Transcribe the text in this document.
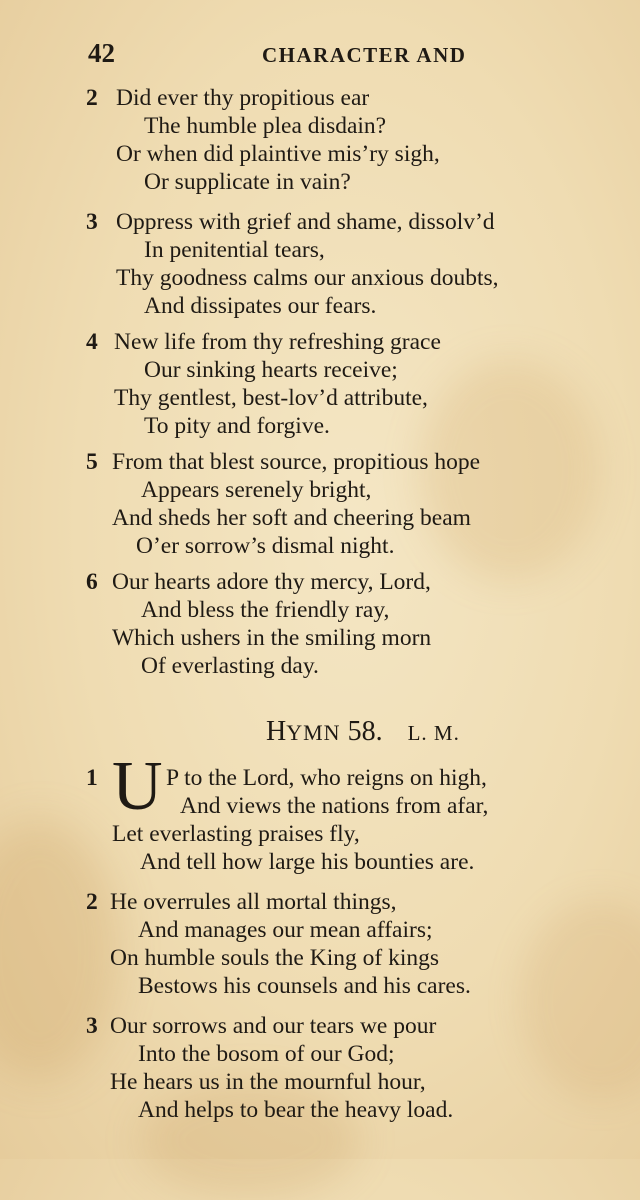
42	CHARACTER AND
2 Did ever thy propitious ear
The humble plea disdain?
Or when did plaintive mis’ry sigh,
Or supplicate in vain?
3 Oppress with grief and shame, dissolv’d
In penitential tears,
Thy goodness calms our anxious doubts,
And dissipates our fears.
4 New life from thy refreshing grace
Our sinking hearts receive;
Thy gentlest, best-lov’d attribute,
To pity and forgive.
5 From that blest source, propitious hope
Appears serenely bright,
And sheds her soft and cheering beam
O’er sorrow’s dismal night.
6 Our hearts adore thy mercy, Lord,
And bless the friendly ray,
Which ushers in the smiling morn
Of everlasting day.
HYMN 58. L. M.
1	P to the Lord, who reigns on high,
And views the nations from afar,
Let everlasting praises fly,
And tell how large his bounties are.
U
2 He overrules all mortal things,
And manages our mean affairs;
On humble souls the King of kings
Bestows his counsels and his cares.
3 Our sorrows and our tears we pour
Into the bosom of our God;
He hears us in the mournful hour,
And helps to bear the heavy load.
